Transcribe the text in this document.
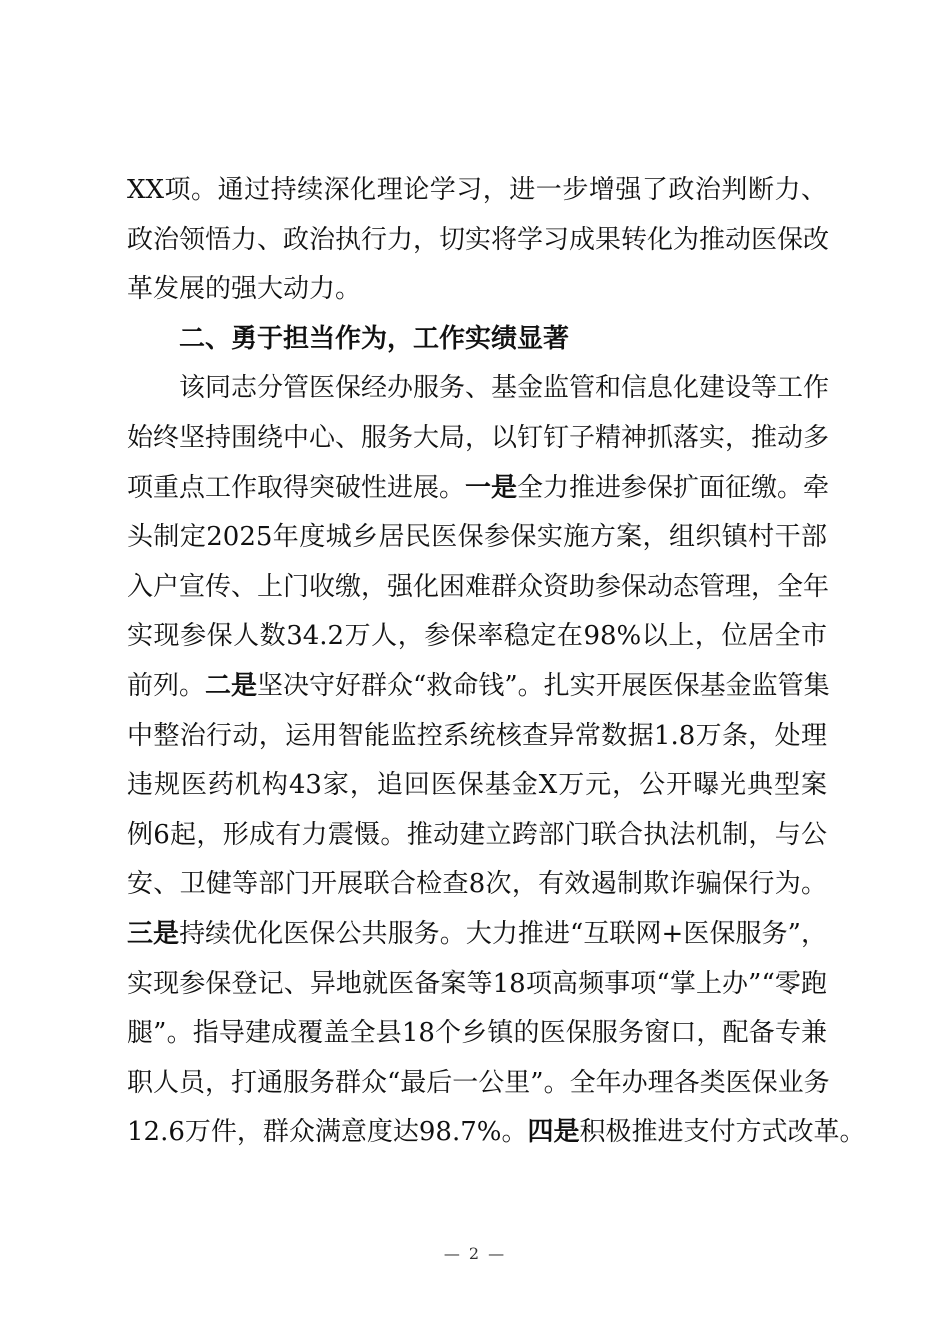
XX项。通过持续深化理论学习，进一步增强了政治判断力、
政治领悟力、政治执行力，切实将学习成果转化为推动医保改
革发展的强大动力。
二、勇于担当作为，工作实绩显著
该同志分管医保经办服务、基金监管和信息化建设等工作
始终坚持围绕中心、服务大局，以钉钉子精神抓落实，推动多
项重点工作取得突破性进展。一是全力推进参保扩面征缴。牵
头制定2025年度城乡居民医保参保实施方案，组织镇村干部
入户宣传、上门收缴，强化困难群众资助参保动态管理，全年
实现参保人数34.2万人，参保率稳定在98%以上，位居全市
前列。二是坚决守好群众“救命钱”。扎实开展医保基金监管集
中整治行动，运用智能监控系统核查异常数据1.8万条，处理
违规医药机构43家，追回医保基金X万元，公开曝光典型案
例6起，形成有力震慑。推动建立跨部门联合执法机制，与公
安、卫健等部门开展联合检查8次，有效遏制欺诈骗保行为。
三是持续优化医保公共服务。大力推进“互联网+医保服务”，
实现参保登记、异地就医备案等18项高频事项“掌上办”“零跑
腿”。指导建成覆盖全县18个乡镇的医保服务窗口，配备专兼
职人员，打通服务群众“最后一公里”。全年办理各类医保业务
12.6万件，群众满意度达98.7%。四是积极推进支付方式改革。
— 2 —
